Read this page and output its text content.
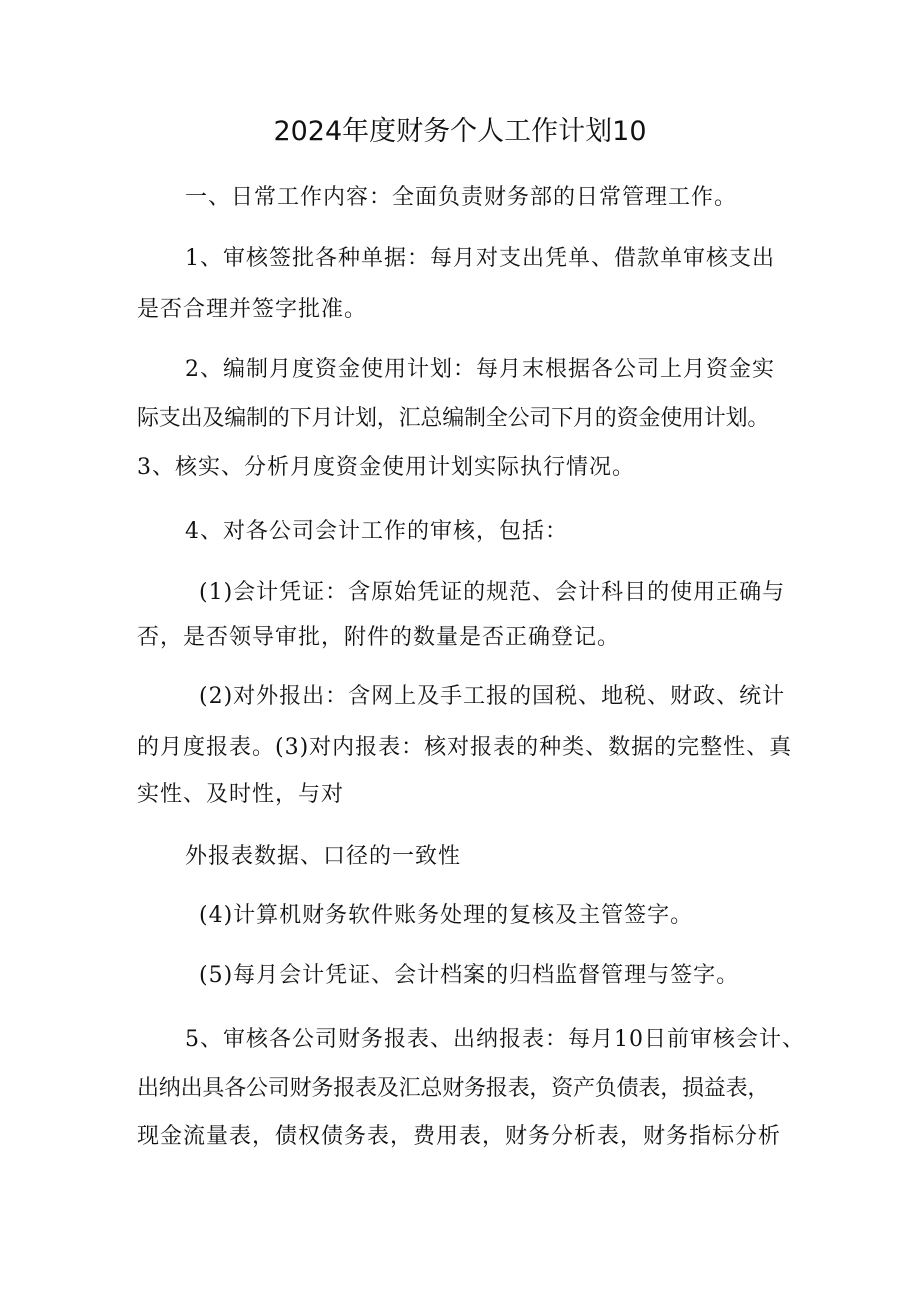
2024年度财务个人工作计划10
一、日常工作内容：全面负责财务部的日常管理工作。
1、审核签批各种单据：每月对支出凭单、借款单审核支出
是否合理并签字批准。
2、编制月度资金使用计划：每月末根据各公司上月资金实
际支出及编制的下月计划，汇总编制全公司下月的资金使用计划。
3、核实、分析月度资金使用计划实际执行情况。
4、对各公司会计工作的审核，包括：
(1)会计凭证：含原始凭证的规范、会计科目的使用正确与
否，是否领导审批，附件的数量是否正确登记。
(2)对外报出：含网上及手工报的国税、地税、财政、统计
的月度报表。(3)对内报表：核对报表的种类、数据的完整性、真
实性、及时性，与对
外报表数据、口径的一致性
(4)计算机财务软件账务处理的复核及主管签字。
(5)每月会计凭证、会计档案的归档监督管理与签字。
5、审核各公司财务报表、出纳报表：每月10日前审核会计、
出纳出具各公司财务报表及汇总财务报表，资产负债表，损益表，
现金流量表，债权债务表，费用表，财务分析表，财务指标分析
